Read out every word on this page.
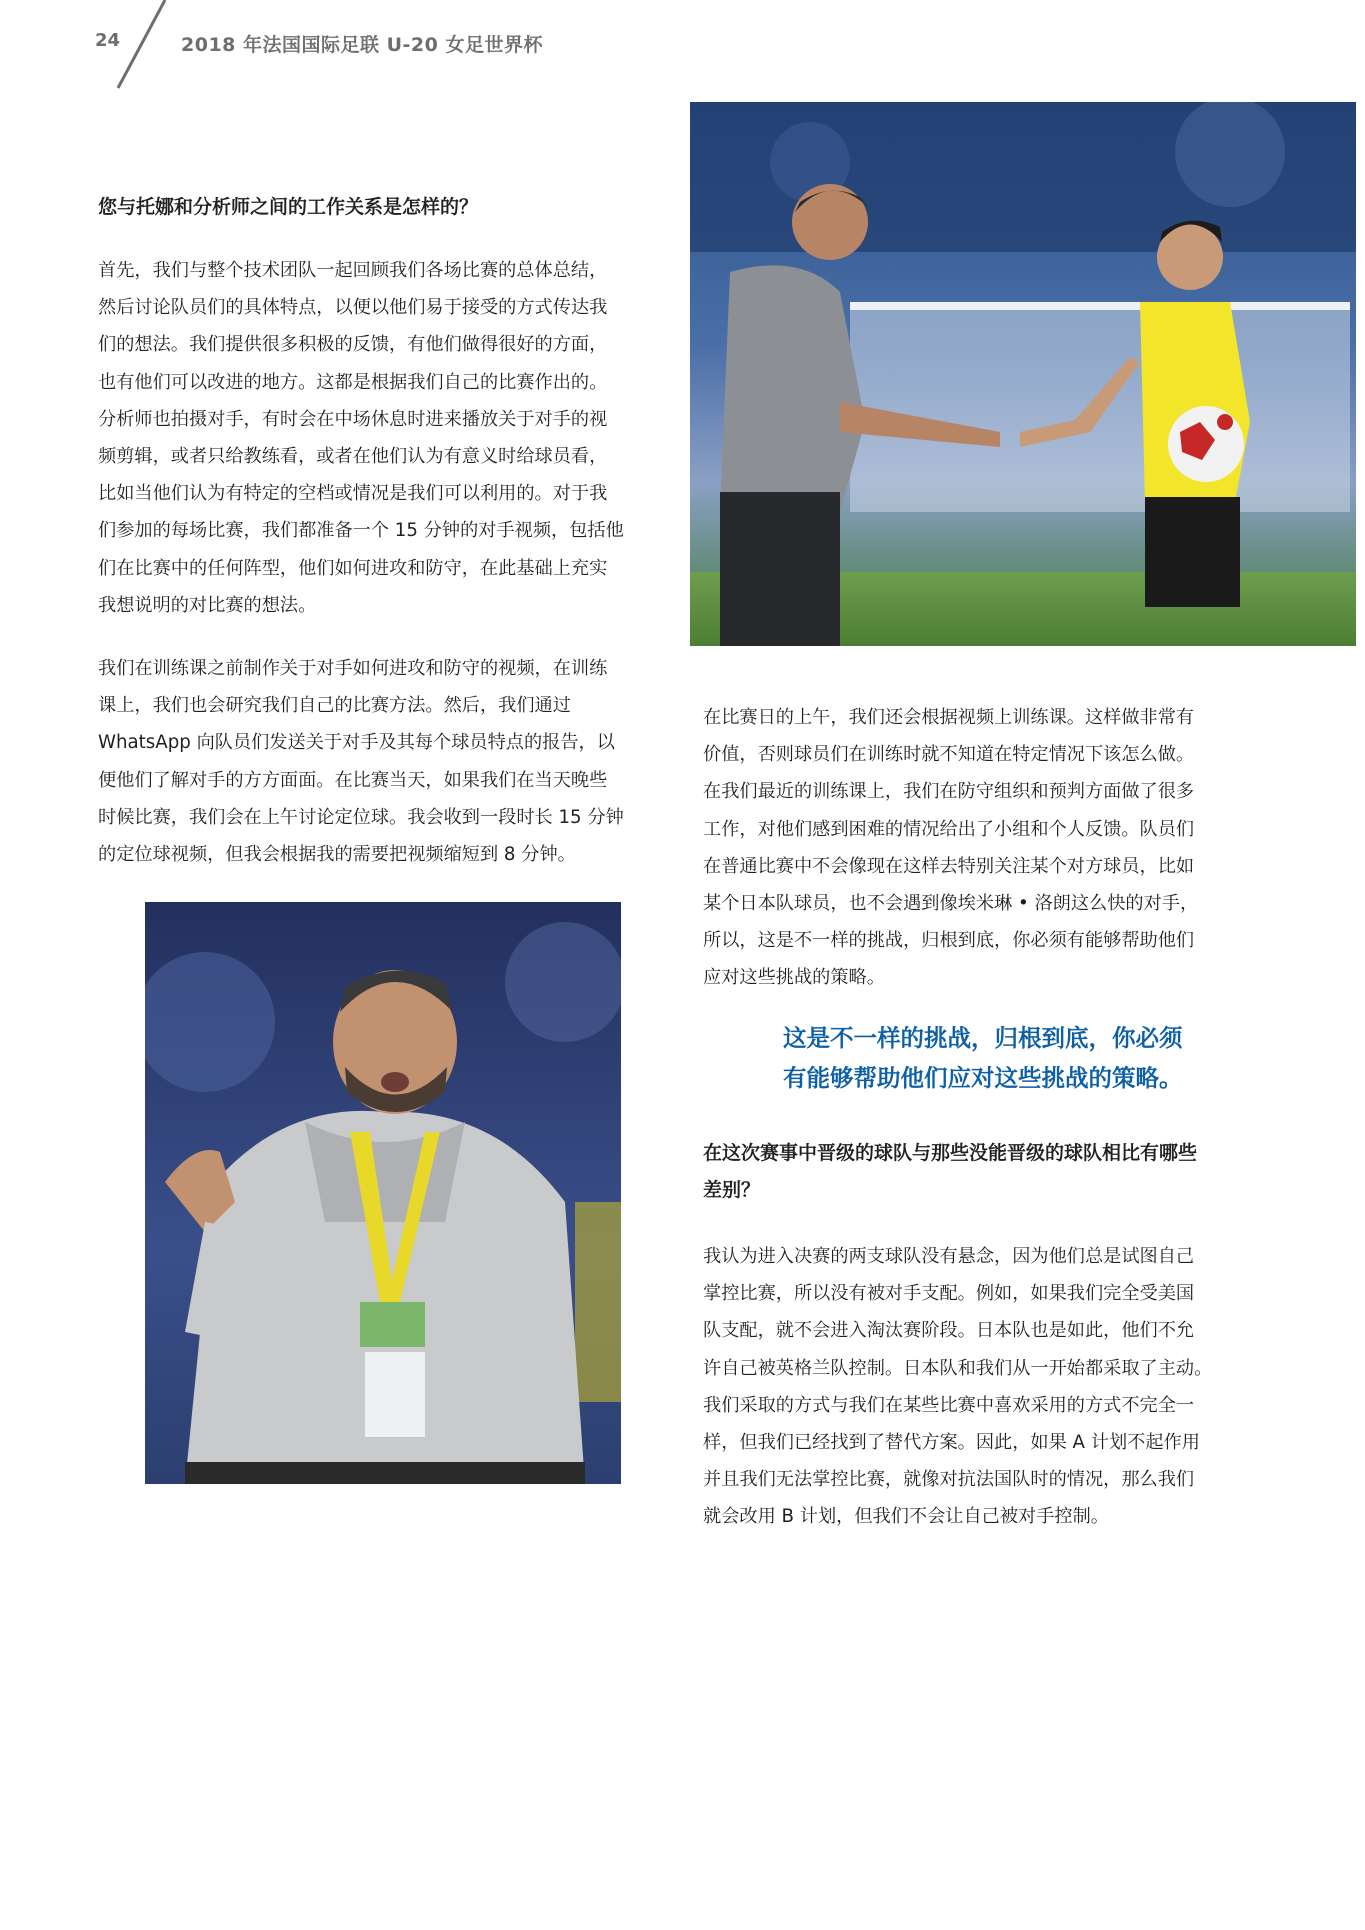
24	2018 年法国国际足联 U-20 女足世界杯
您与托娜和分析师之间的工作关系是怎样的？
首先，我们与整个技术团队一起回顾我们各场比赛的总体总结，
然后讨论队员们的具体特点，以便以他们易于接受的方式传达我
们的想法。我们提供很多积极的反馈，有他们做得很好的方面，
也有他们可以改进的地方。这都是根据我们自己的比赛作出的。
分析师也拍摄对手，有时会在中场休息时进来播放关于对手的视
频剪辑，或者只给教练看，或者在他们认为有意义时给球员看，
比如当他们认为有特定的空档或情况是我们可以利用的。对于我
们参加的每场比赛，我们都准备一个 15 分钟的对手视频，包括他
们在比赛中的任何阵型，他们如何进攻和防守，在此基础上充实
我想说明的对比赛的想法。
我们在训练课之前制作关于对手如何进攻和防守的视频，在训练
课上，我们也会研究我们自己的比赛方法。然后，我们通过
WhatsApp 向队员们发送关于对手及其每个球员特点的报告，以
便他们了解对手的方方面面。在比赛当天，如果我们在当天晚些
时候比赛，我们会在上午讨论定位球。我会收到一段时长 15 分钟
的定位球视频，但我会根据我的需要把视频缩短到 8 分钟。
在比赛日的上午，我们还会根据视频上训练课。这样做非常有
价值，否则球员们在训练时就不知道在特定情况下该怎么做。
在我们最近的训练课上，我们在防守组织和预判方面做了很多
工作，对他们感到困难的情况给出了小组和个人反馈。队员们
在普通比赛中不会像现在这样去特别关注某个对方球员，比如
某个日本队球员，也不会遇到像埃米琳 • 洛朗这么快的对手，
所以，这是不一样的挑战，归根到底，你必须有能够帮助他们
应对这些挑战的策略。
这是不一样的挑战，归根到底，你必须
有能够帮助他们应对这些挑战的策略。
在这次赛事中晋级的球队与那些没能晋级的球队相比有哪些
差别？
我认为进入决赛的两支球队没有悬念，因为他们总是试图自己
掌控比赛，所以没有被对手支配。例如，如果我们完全受美国
队支配，就不会进入淘汰赛阶段。日本队也是如此，他们不允
许自己被英格兰队控制。日本队和我们从一开始都采取了主动。
我们采取的方式与我们在某些比赛中喜欢采用的方式不完全一
样，但我们已经找到了替代方案。因此，如果 A 计划不起作用
并且我们无法掌控比赛，就像对抗法国队时的情况，那么我们
就会改用 B 计划，但我们不会让自己被对手控制。
